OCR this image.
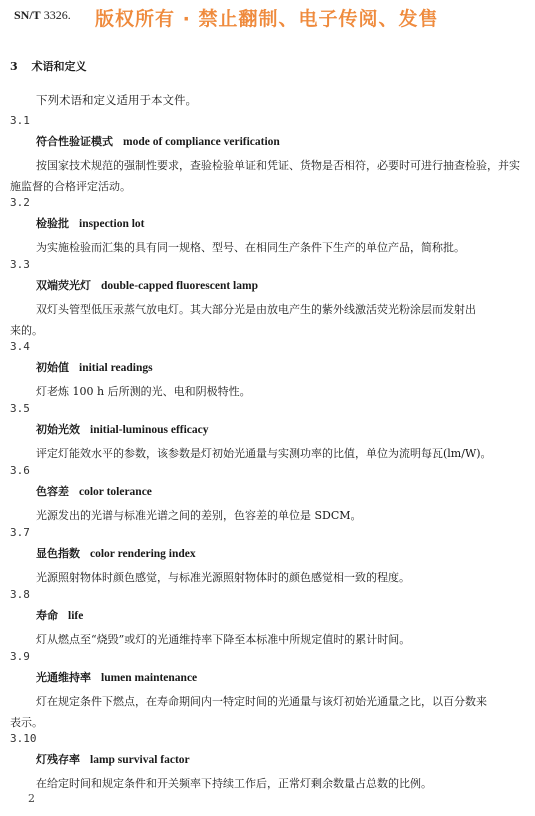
SN/T 3326. 版权所有 · 禁止翻制、电子传阅、发售
3 术语和定义
下列术语和定义适用于本文件。
3.1
符合性验证模式 mode of compliance verification
按国家技术规范的强制性要求，查验检验单证和凭证、货物是否相符，必要时可进行抽查检验，并实
施监督的合格评定活动。
3.2
检验批 inspection lot
为实施检验而汇集的具有同一规格、型号、在相同生产条件下生产的单位产品，简称批。
3.3
双端荧光灯 double-capped fluorescent lamp
双灯头管型低压汞蒸气放电灯。其大部分光是由放电产生的紫外线激活荧光粉涂层而发射出
来的。
3.4
初始值 initial readings
灯老炼 100 h 后所测的光、电和阴极特性。
3.5
初始光效 initial-luminous efficacy
评定灯能效水平的参数，该参数是灯初始光通量与实测功率的比值，单位为流明每瓦(lm/W)。
3.6
色容差 color tolerance
光源发出的光谱与标准光谱之间的差别，色容差的单位是 SDCM。
3.7
显色指数 color rendering index
光源照射物体时颜色感觉，与标准光源照射物体时的颜色感觉相一致的程度。
3.8
寿命 life
灯从燃点至“烧毁”或灯的光通维持率下降至本标准中所规定值时的累计时间。
3.9
光通维持率 lumen maintenance
灯在规定条件下燃点，在寿命期间内一特定时间的光通量与该灯初始光通量之比，以百分数来
表示。
3.10
灯残存率 lamp survival factor
在给定时间和规定条件和开关频率下持续工作后，正常灯剩余数量占总数的比例。
2
